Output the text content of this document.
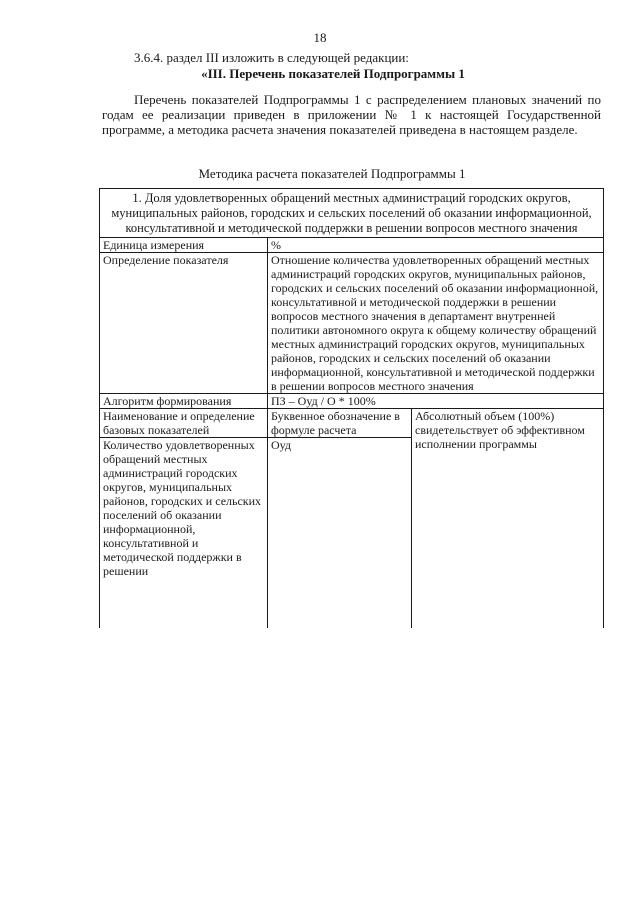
18
3.6.4. раздел III изложить в следующей редакции:
«III. Перечень показателей Подпрограммы 1

Перечень показателей Подпрограммы 1 с распределением плановых значений по годам ее реализации приведен в приложении № 1 к настоящей Государственной программе, а методика расчета значения показателей приведена в настоящем разделе.

Методика расчета показателей Подпрограммы 1
1. Доля удовлетворенных обращений местных администраций городских округов, муниципальных районов, городских и сельских поселений об оказании информационной, консультативной и методической поддержки в решении вопросов местного значения		
Единица измерения	%	
Определение показателя	Отношение количества удовлетворенных обращений местных администраций городских округов, муниципальных районов, городских и сельских поселений об оказании информационной, консультативной и методической поддержки в решении вопросов местного значения в департамент внутренней политики автономного округа к общему количеству обращений местных администраций городских округов, муниципальных районов, городских и сельских поселений об оказании информационной, консультативной и методической поддержки в решении вопросов местного значения	
Алгоритм формирования	ПЗ – Оуд / О * 100%	
Наименование и определение базовых показателей	Буквенное обозначение в формуле расчета	Абсолютный объем (100%) свидетельствует об эффективном исполнении программы
Количество удовлетворенных обращений местных администраций городских округов, муниципальных районов, городских и сельских поселений об оказании информационной, консультативной и методической поддержки в решении	Оуд	
